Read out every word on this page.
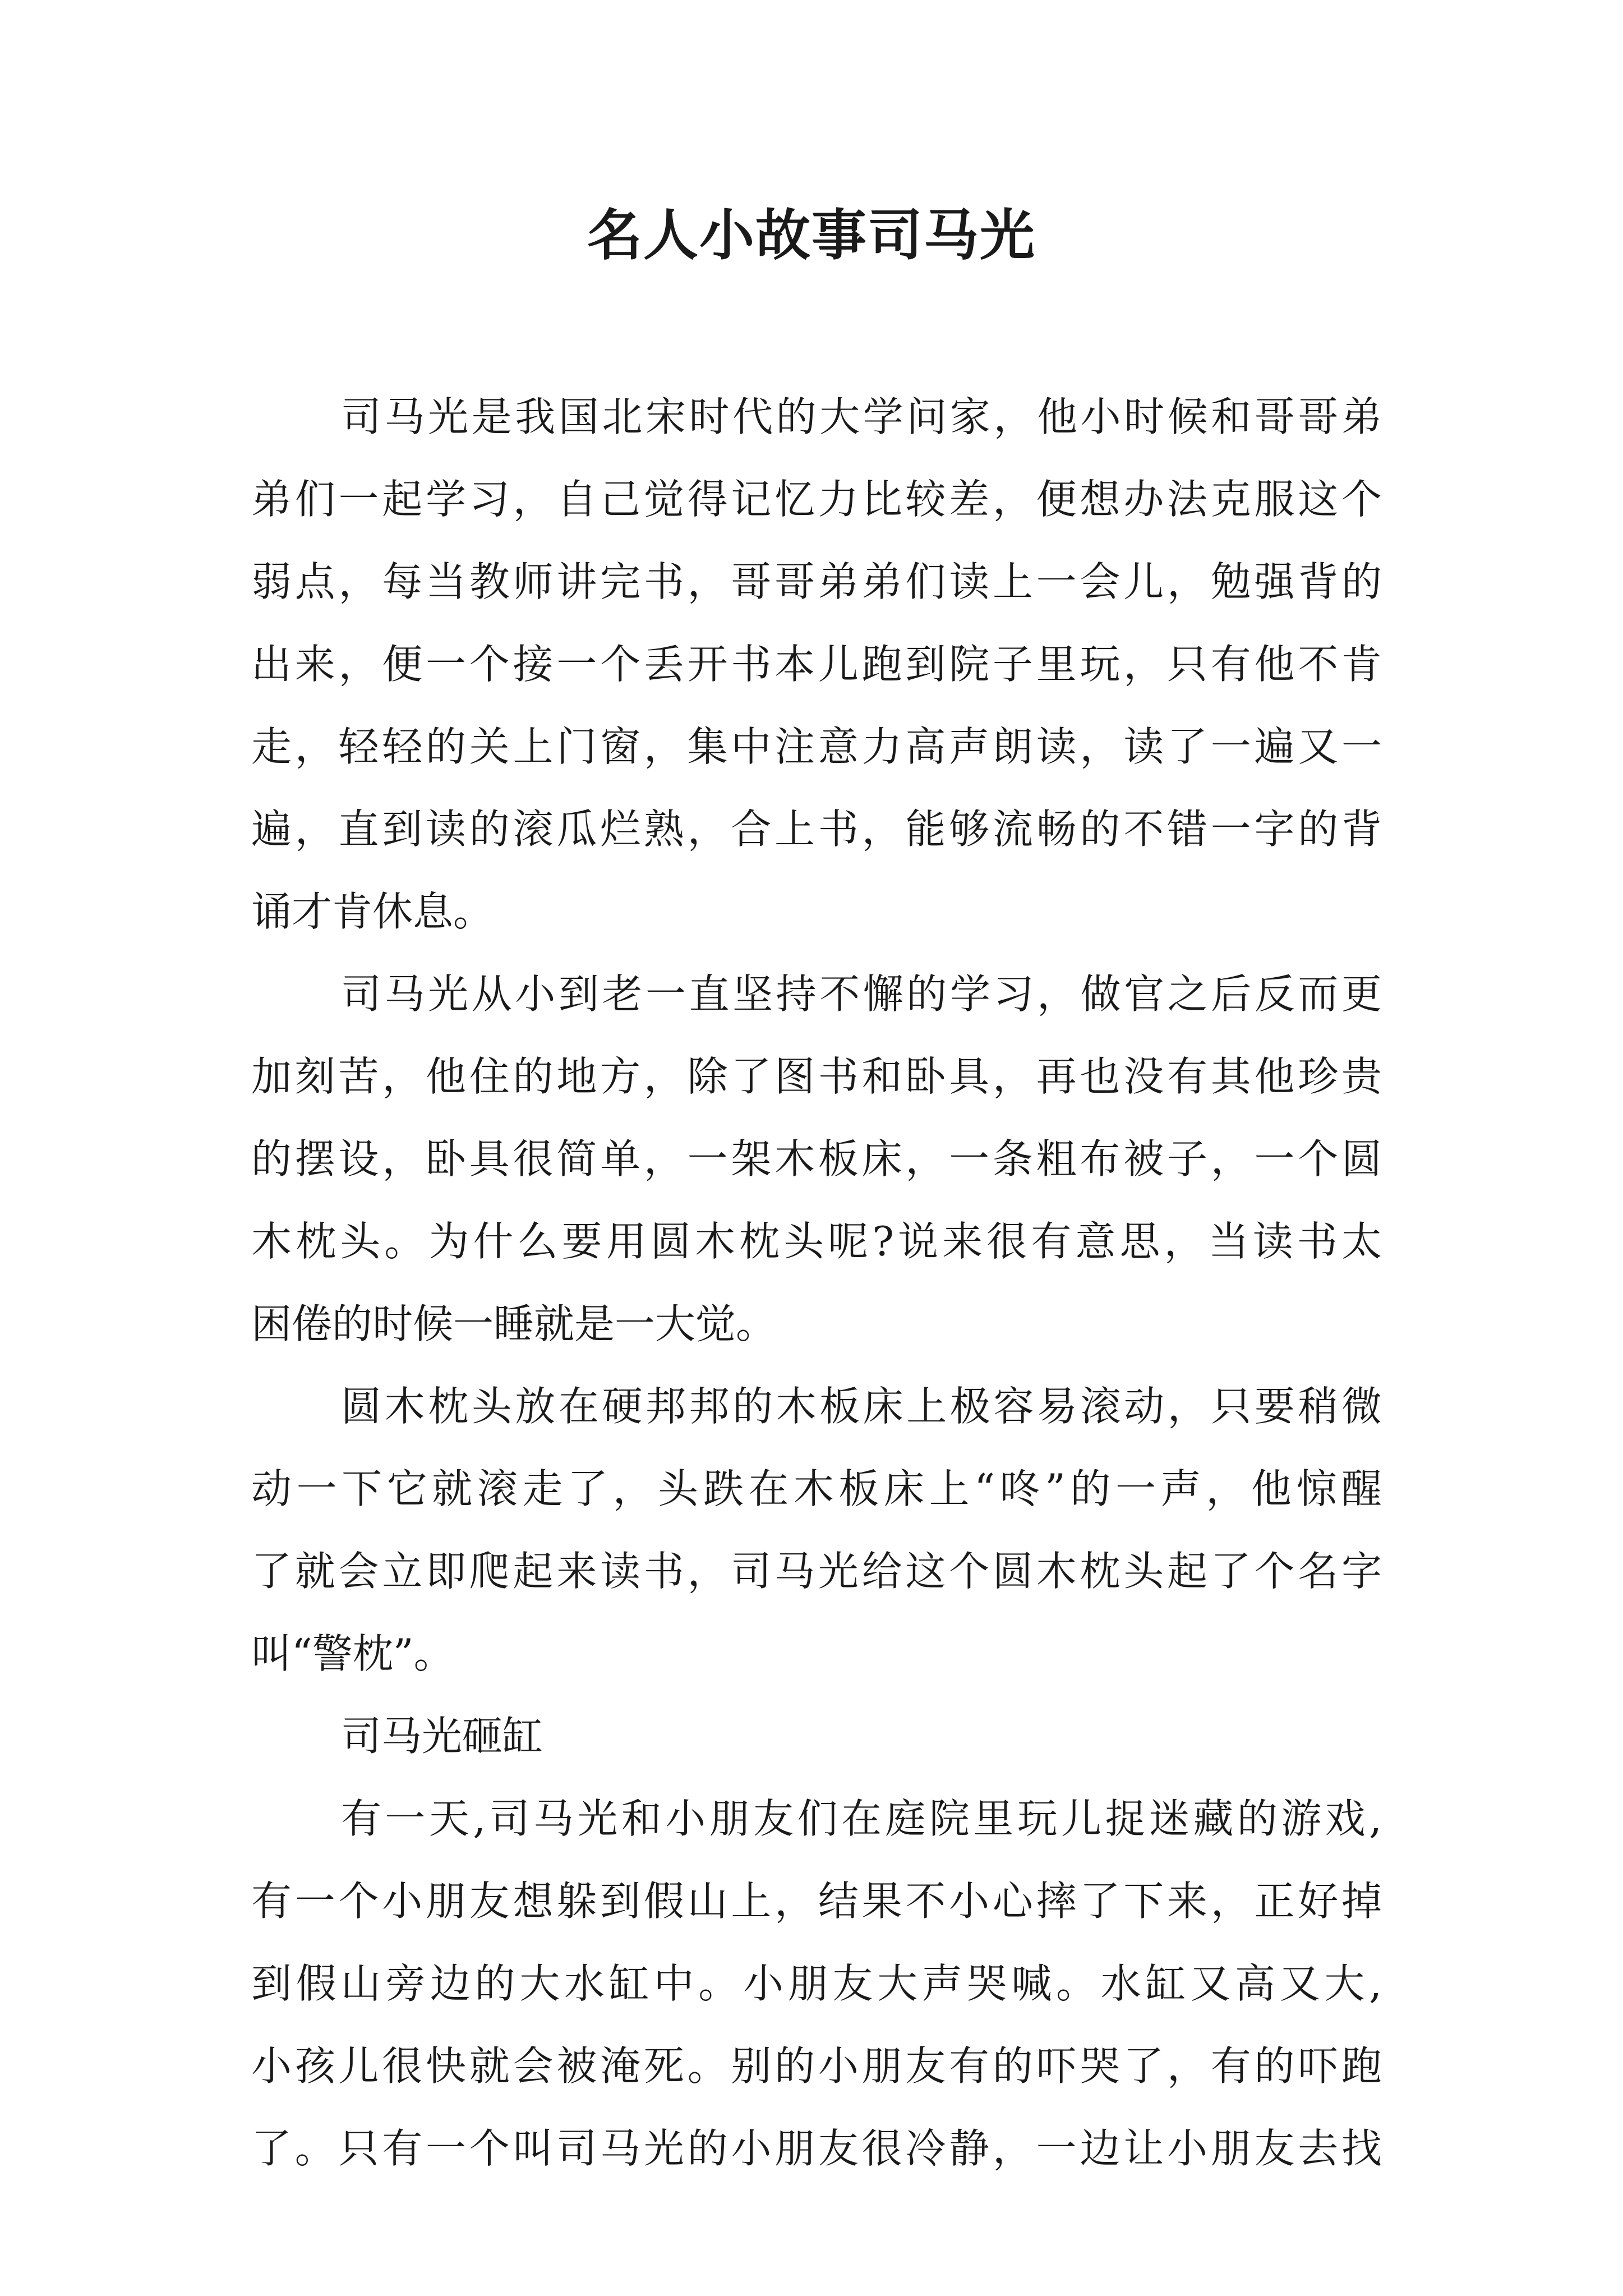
名人小故事司马光
司马光是我国北宋时代的大学问家，他小时候和哥哥弟
弟们一起学习，自己觉得记忆力比较差，便想办法克服这个
弱点，每当教师讲完书，哥哥弟弟们读上一会儿，勉强背的
出来，便一个接一个丢开书本儿跑到院子里玩，只有他不肯
走，轻轻的关上门窗，集中注意力高声朗读，读了一遍又一
遍，直到读的滚瓜烂熟，合上书，能够流畅的不错一字的背
诵才肯休息。
司马光从小到老一直坚持不懈的学习，做官之后反而更
加刻苦，他住的地方，除了图书和卧具，再也没有其他珍贵
的摆设，卧具很简单，一架木板床，一条粗布被子，一个圆
木枕头。为什么要用圆木枕头呢?说来很有意思，当读书太
困倦的时候一睡就是一大觉。
圆木枕头放在硬邦邦的木板床上极容易滚动，只要稍微
动一下它就滚走了，头跌在木板床上“咚”的一声，他惊醒
了就会立即爬起来读书，司马光给这个圆木枕头起了个名字
叫“警枕”。
司马光砸缸
有一天,司马光和小朋友们在庭院里玩儿捉迷藏的游戏,
有一个小朋友想躲到假山上，结果不小心摔了下来，正好掉
到假山旁边的大水缸中。小朋友大声哭喊。水缸又高又大,
小孩儿很快就会被淹死。别的小朋友有的吓哭了，有的吓跑
了。只有一个叫司马光的小朋友很冷静，一边让小朋友去找
